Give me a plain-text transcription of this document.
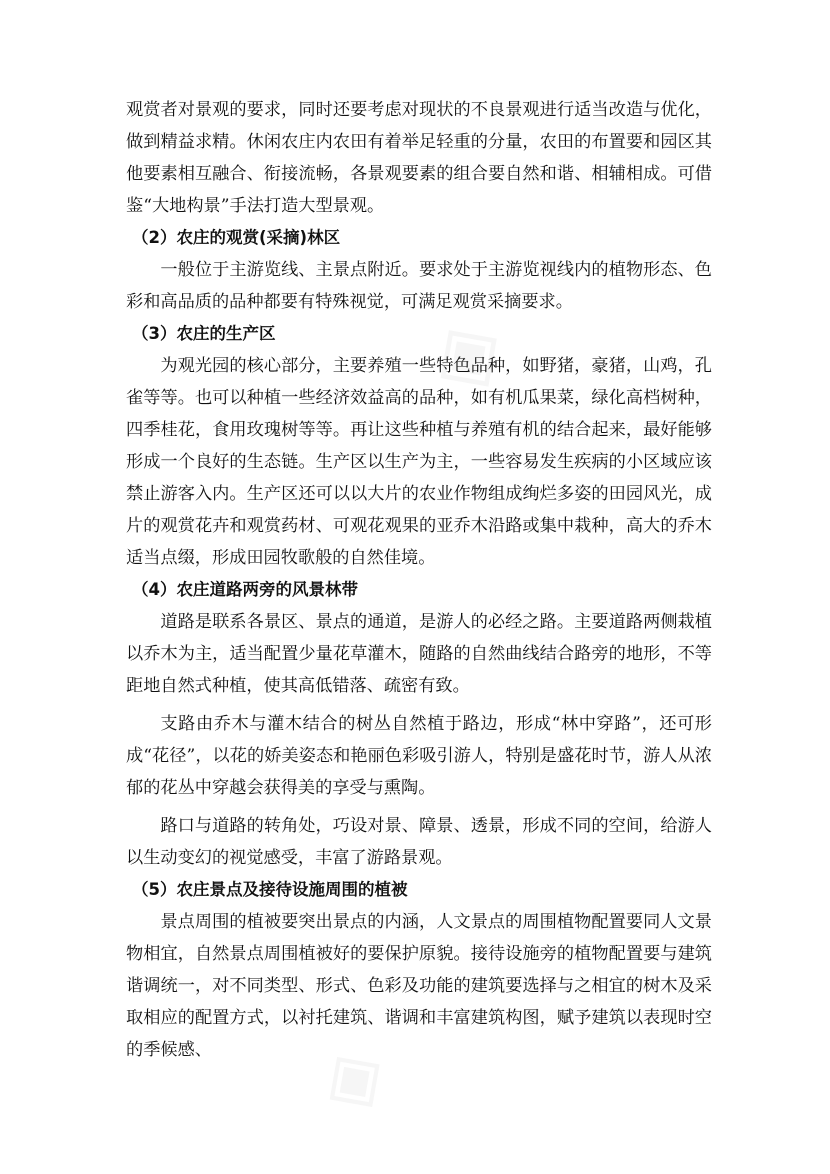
观赏者对景观的要求，同时还要考虑对现状的不良景观进行适当改造与优化，做到精益求精。休闲农庄内农田有着举足轻重的分量，农田的布置要和园区其他要素相互融合、衔接流畅，各景观要素的组合要自然和谐、相辅相成。可借鉴“大地构景”手法打造大型景观。

（2）农庄的观赏(采摘)林区

一般位于主游览线、主景点附近。要求处于主游览视线内的植物形态、色彩和高品质的品种都要有特殊视觉，可满足观赏采摘要求。

（3）农庄的生产区

为观光园的核心部分，主要养殖一些特色品种，如野猪，豪猪，山鸡，孔雀等等。也可以种植一些经济效益高的品种，如有机瓜果菜，绿化高档树种，四季桂花，食用玫瑰树等等。再让这些种植与养殖有机的结合起来，最好能够形成一个良好的生态链。生产区以生产为主，一些容易发生疾病的小区域应该禁止游客入内。生产区还可以以大片的农业作物组成绚烂多姿的田园风光，成片的观赏花卉和观赏药材、可观花观果的亚乔木沿路或集中栽种，高大的乔木适当点缀，形成田园牧歌般的自然佳境。

（4）农庄道路两旁的风景林带

道路是联系各景区、景点的通道，是游人的必经之路。主要道路两侧栽植以乔木为主，适当配置少量花草灌木，随路的自然曲线结合路旁的地形，不等距地自然式种植，使其高低错落、疏密有致。

支路由乔木与灌木结合的树丛自然植于路边，形成“林中穿路”，还可形成“花径”，以花的娇美姿态和艳丽色彩吸引游人，特别是盛花时节，游人从浓郁的花丛中穿越会获得美的享受与熏陶。

路口与道路的转角处，巧设对景、障景、透景，形成不同的空间，给游人以生动变幻的视觉感受，丰富了游路景观。

（5）农庄景点及接待设施周围的植被

景点周围的植被要突出景点的内涵，人文景点的周围植物配置要同人文景物相宜，自然景点周围植被好的要保护原貌。接待设施旁的植物配置要与建筑谐调统一，对不同类型、形式、色彩及功能的建筑要选择与之相宜的树木及采取相应的配置方式，以衬托建筑、谐调和丰富建筑构图，赋予建筑以表现时空的季候感、
